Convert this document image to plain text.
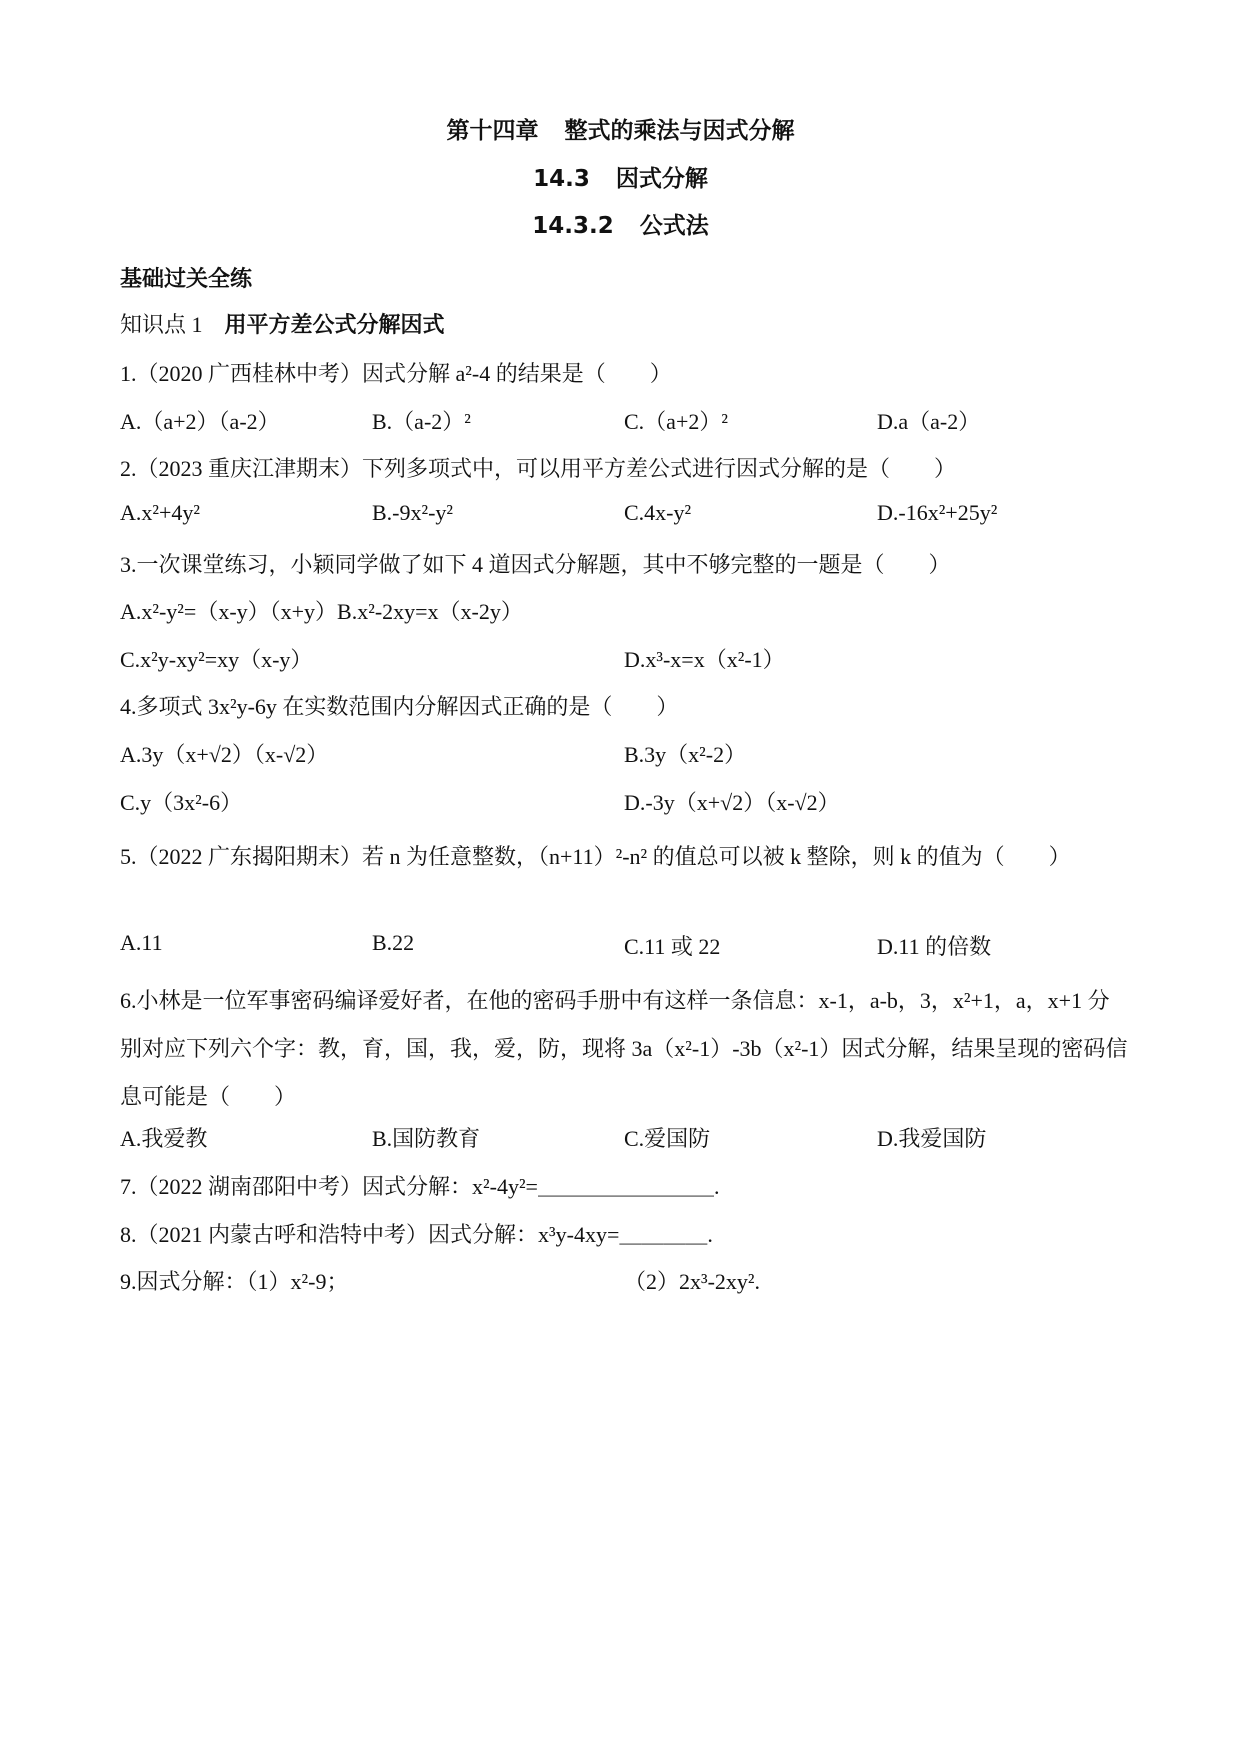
第十四章 整式的乘法与因式分解
14.3 因式分解
14.3.2 公式法
基础过关全练
知识点 1 用平方差公式分解因式
1.（2020 广西桂林中考）因式分解 a²-4 的结果是（　　）
A.（a+2）（a-2）	B.（a-2）²	C.（a+2）²	D.a（a-2）
2.（2023 重庆江津期末）下列多项式中，可以用平方差公式进行因式分解的是（　　）
A.x²+4y²	B.-9x²-y²	C.4x-y²	D.-16x²+25y²
3.一次课堂练习，小颖同学做了如下 4 道因式分解题，其中不够完整的一题是（　　）
A.x²-y²=（x-y）（x+y）B.x²-2xy=x（x-2y）
C.x²y-xy²=xy（x-y）	D.x³-x=x（x²-1）
4.多项式 3x²y-6y 在实数范围内分解因式正确的是（　　）
A.3y（x+√2）（x-√2）	B.3y（x²-2）
C.y（3x²-6）	D.-3y（x+√2）（x-√2）
5.（2022 广东揭阳期末）若 n 为任意整数，（n+11）²-n² 的值总可以被 k 整除，则 k 的值为（　　）
A.11	B.22	C.11 或 22	D.11 的倍数
6.小林是一位军事密码编译爱好者，在他的密码手册中有这样一条信息：x-1，a-b，3，x²+1，a，x+1 分别对应下列六个字：教，育，国，我，爱，防，现将 3a（x²-1）-3b（x²-1）因式分解，结果呈现的密码信息可能是（　　）
A.我爱教	B.国防教育	C.爱国防	D.我爱国防
7.（2022 湖南邵阳中考）因式分解：x²-4y²=＿＿＿＿＿＿＿＿.
8.（2021 内蒙古呼和浩特中考）因式分解：x³y-4xy=＿＿＿＿.
9.因式分解：（1）x²-9；	（2）2x³-2xy².
